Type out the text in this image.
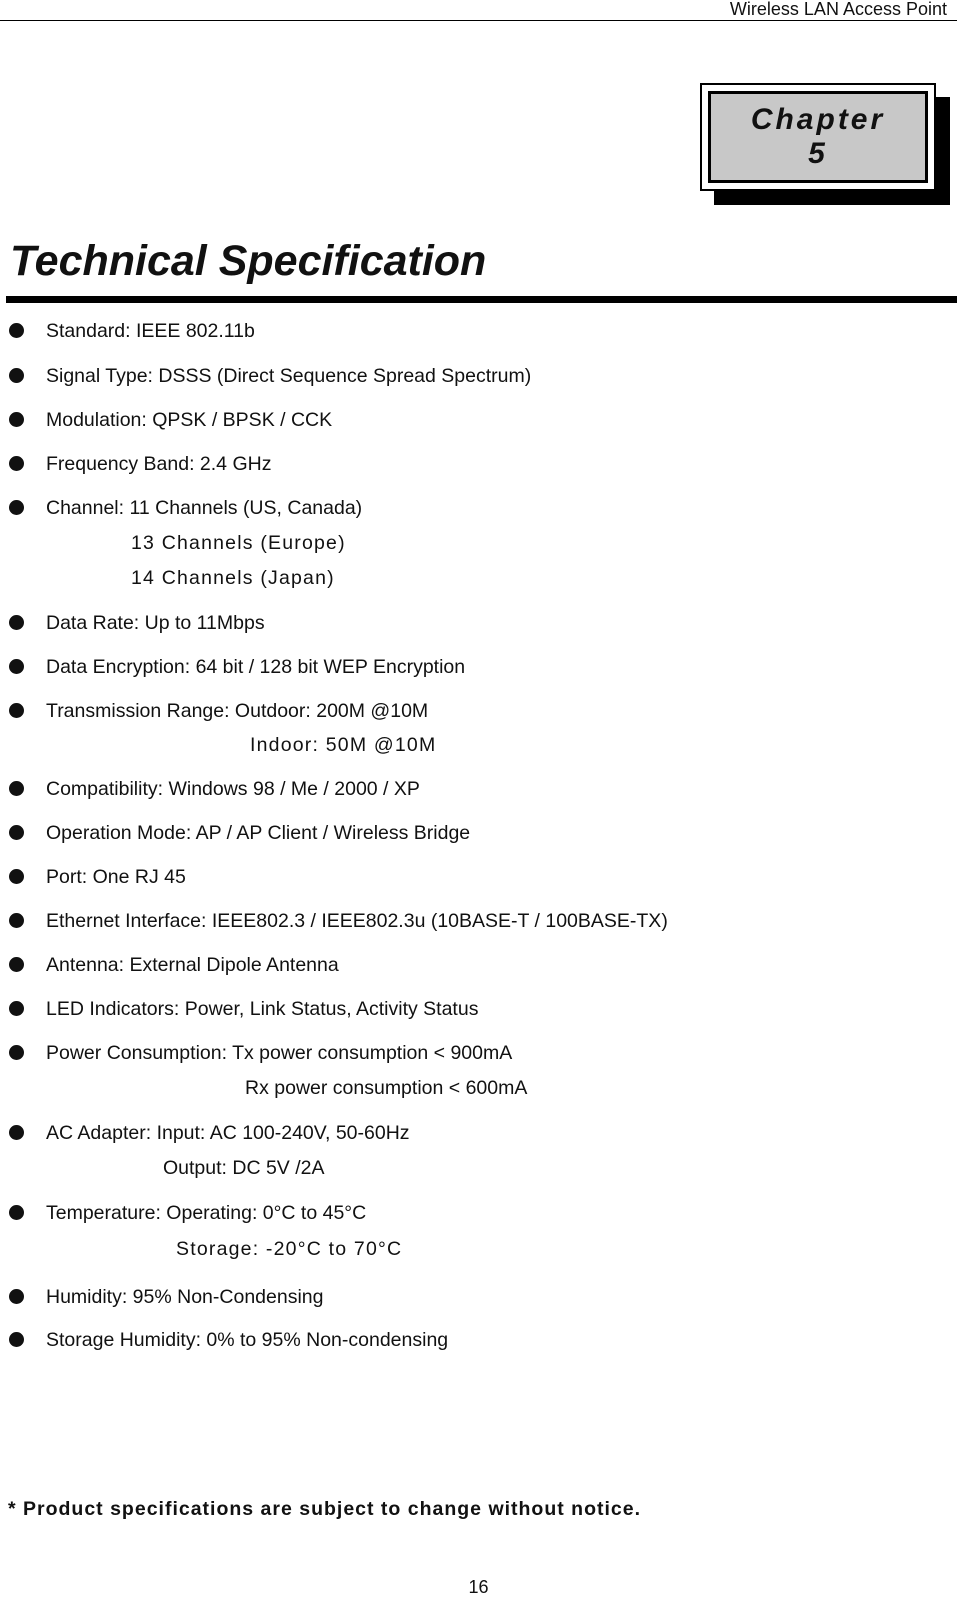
Wireless LAN Access Point
Chapter
5
Technical Specification
Standard: IEEE 802.11b
Signal Type: DSSS (Direct Sequence Spread Spectrum)
Modulation: QPSK / BPSK / CCK
Frequency Band: 2.4 GHz
Channel: 11 Channels (US, Canada)
13 Channels (Europe)
14 Channels (Japan)
Data Rate: Up to 11Mbps
Data Encryption: 64 bit / 128 bit WEP Encryption
Transmission Range: Outdoor: 200M @10M
Indoor: 50M @10M
Compatibility: Windows 98 / Me / 2000 / XP
Operation Mode: AP / AP Client / Wireless Bridge
Port: One RJ 45
Ethernet Interface: IEEE802.3 / IEEE802.3u (10BASE-T / 100BASE-TX)
Antenna: External Dipole Antenna
LED Indicators: Power, Link Status, Activity Status
Power Consumption: Tx power consumption < 900mA
Rx power consumption < 600mA
AC Adapter: Input: AC 100-240V, 50-60Hz
Output: DC 5V /2A
Temperature: Operating: 0°C to 45°C
Storage: -20°C to 70°C
Humidity: 95% Non-Condensing
Storage Humidity: 0% to 95% Non-condensing
* Product specifications are subject to change without notice.
16
